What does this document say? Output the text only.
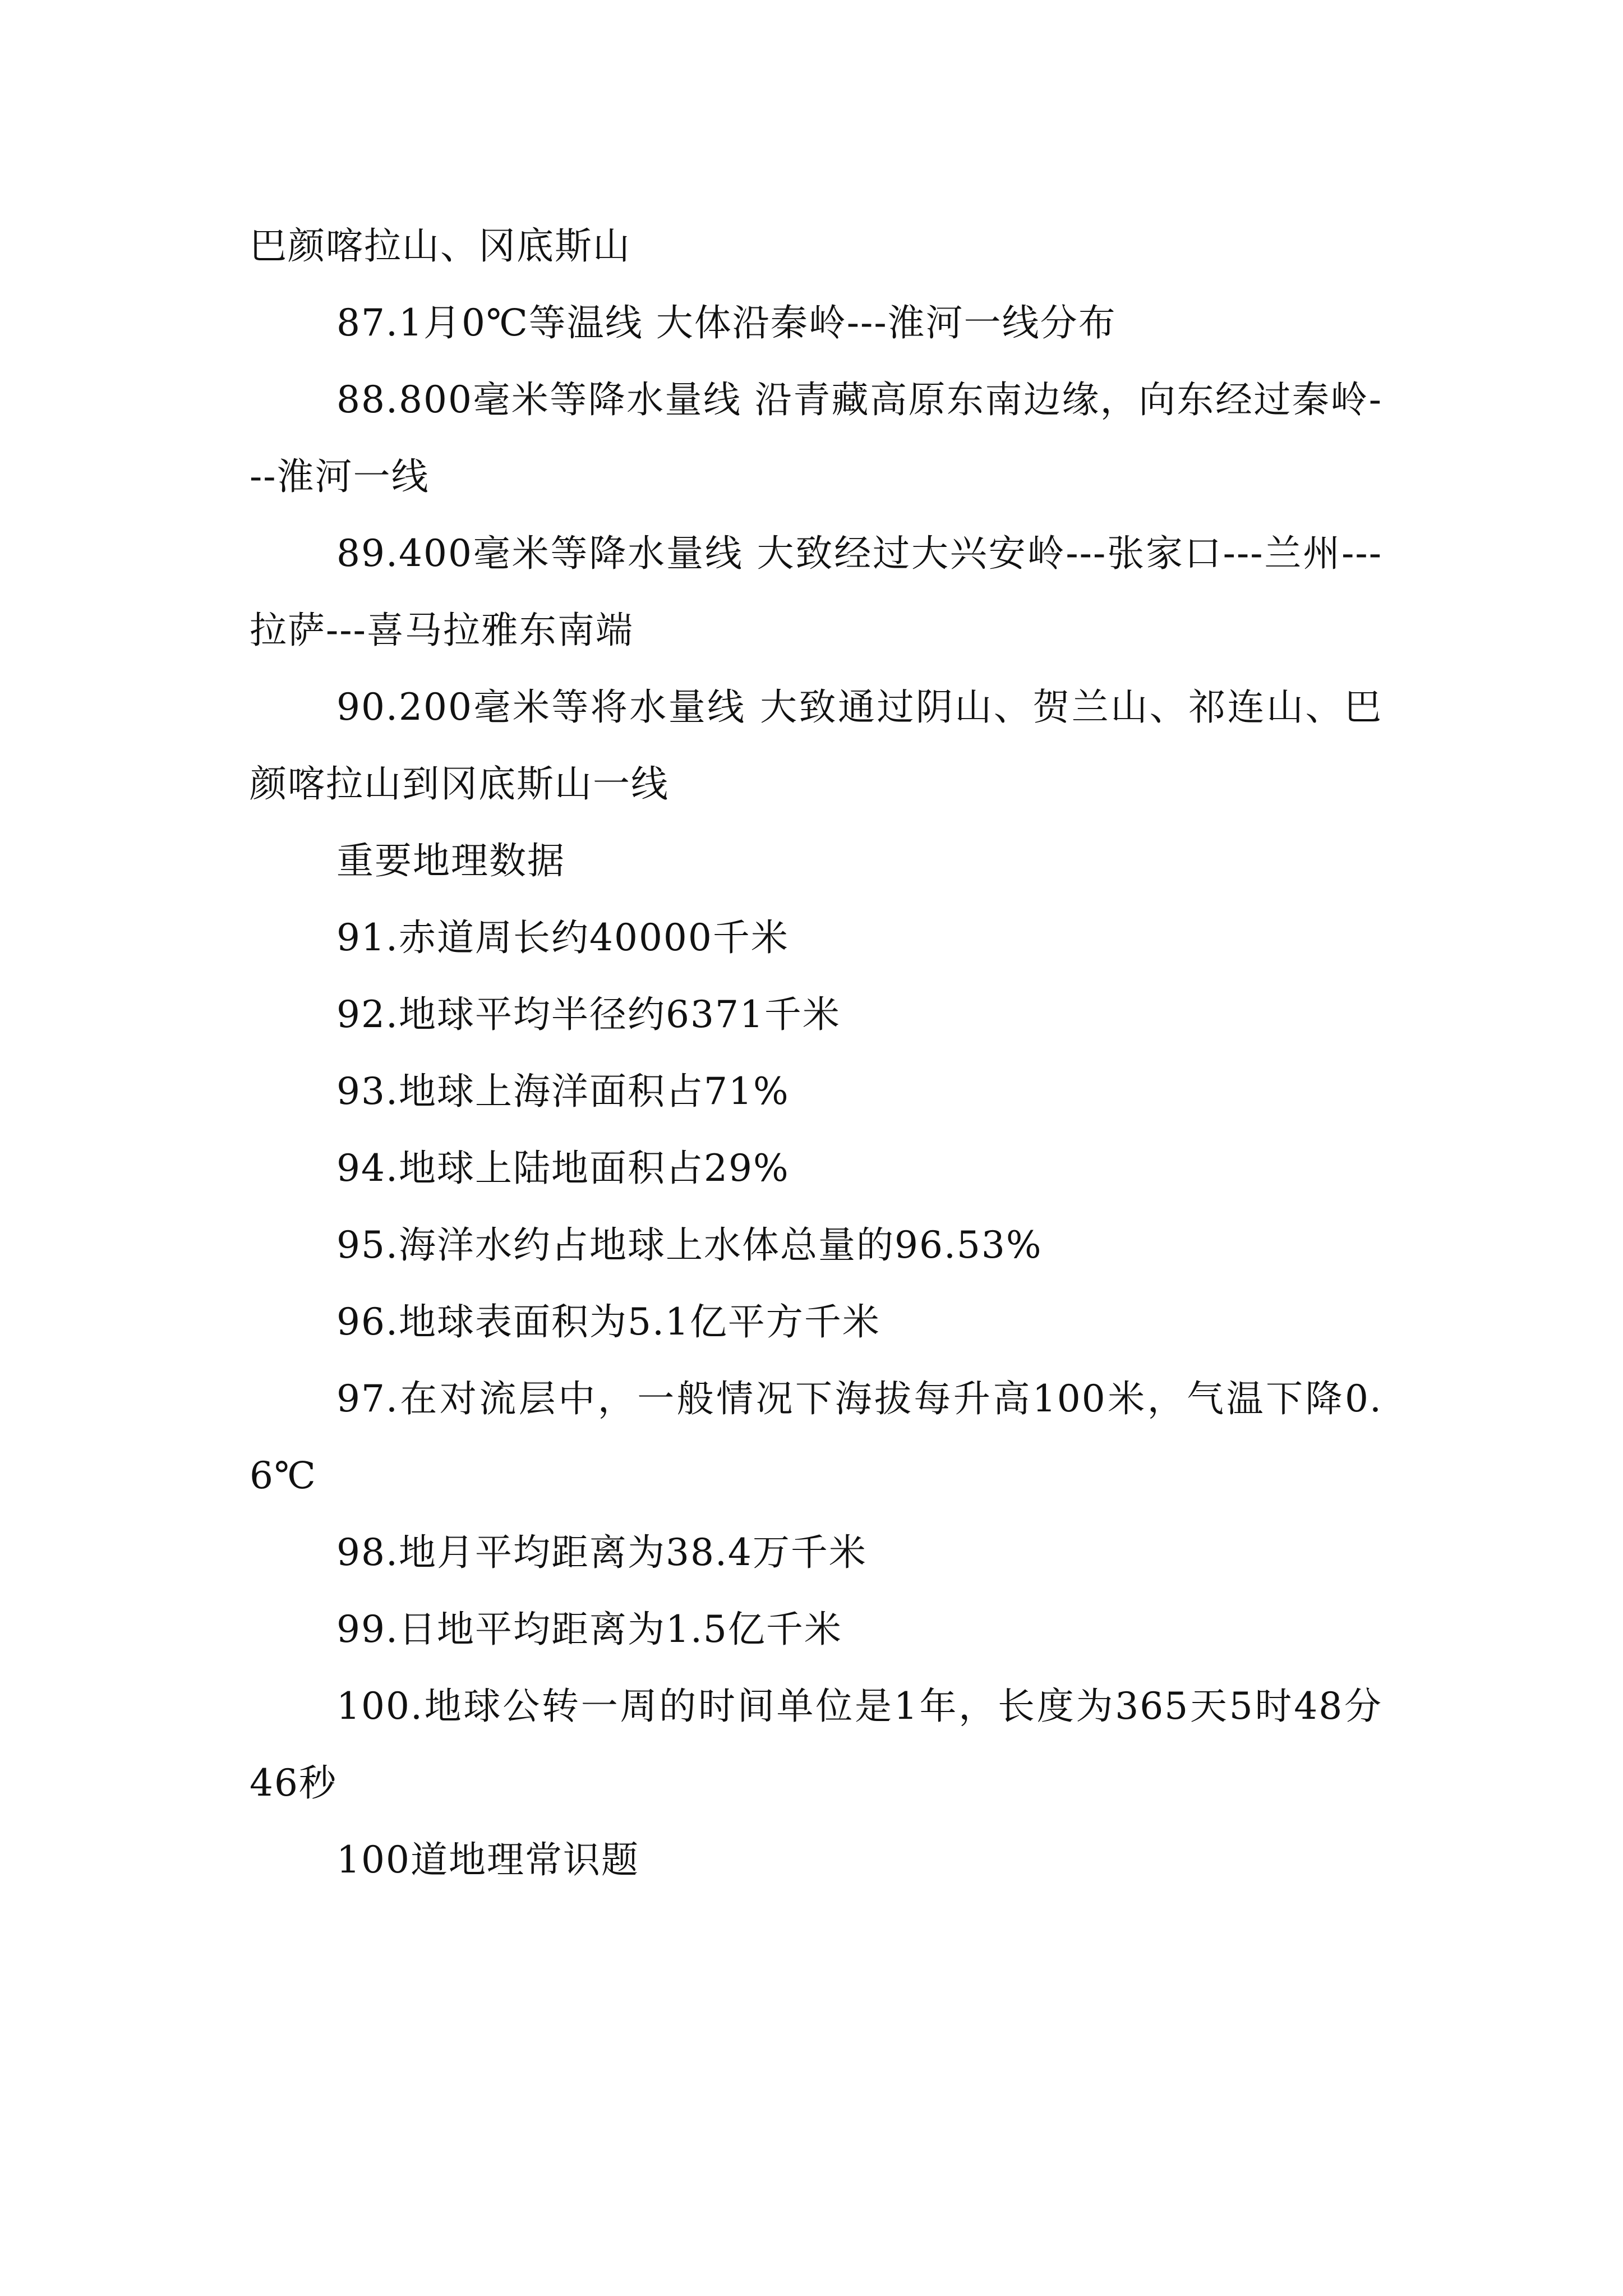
巴颜喀拉山、冈底斯山

87.1月0℃等温线 大体沿秦岭---淮河一线分布

88.800毫米等降水量线 沿青藏高原东南边缘，向东经过秦岭---淮河一线

89.400毫米等降水量线 大致经过大兴安岭---张家口---兰州---拉萨---喜马拉雅东南端

90.200毫米等将水量线 大致通过阴山、贺兰山、祁连山、巴颜喀拉山到冈底斯山一线

重要地理数据

91.赤道周长约40000千米

92.地球平均半径约6371千米

93.地球上海洋面积占71%

94.地球上陆地面积占29%

95.海洋水约占地球上水体总量的96.53%

96.地球表面积为5.1亿平方千米

97.在对流层中，一般情况下海拔每升高100米，气温下降0.6℃

98.地月平均距离为38.4万千米

99.日地平均距离为1.5亿千米

100.地球公转一周的时间单位是1年，长度为365天5时48分46秒

100道地理常识题
